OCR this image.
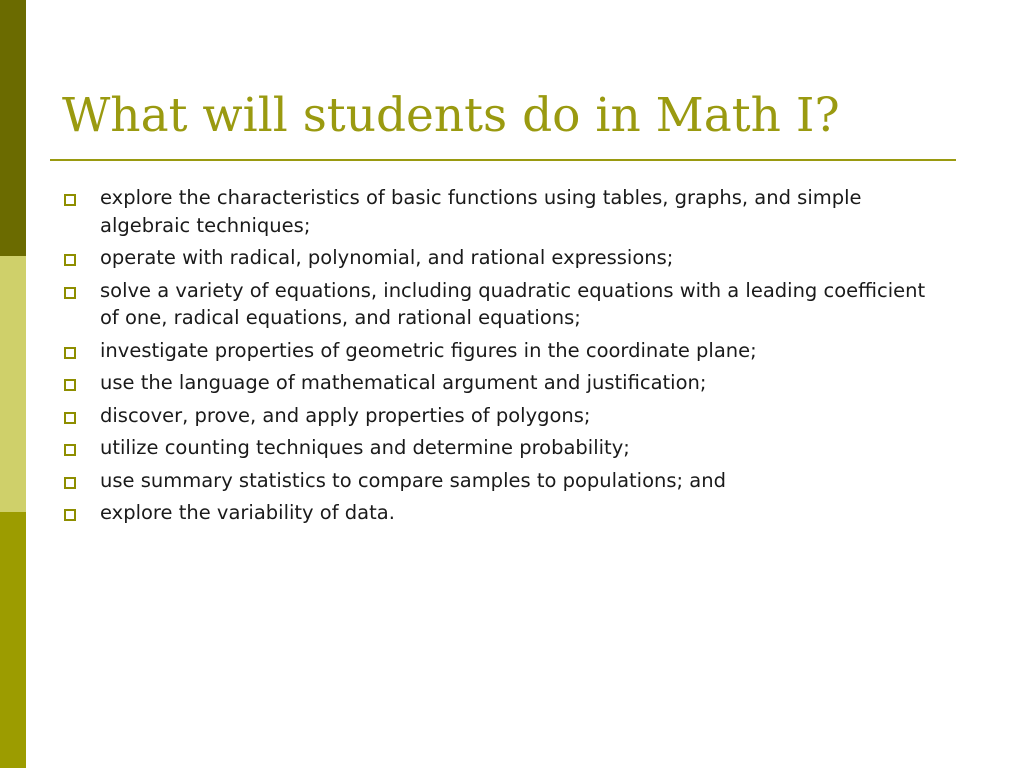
What will students do in Math I?
explore the characteristics of basic functions using tables, graphs, and simple algebraic techniques;
operate with radical, polynomial, and rational expressions;
solve a variety of equations, including quadratic equations with a leading coefficient of one, radical equations, and rational equations;
investigate properties of geometric figures in the coordinate plane;
use the language of mathematical argument and justification;
discover, prove, and apply properties of polygons;
utilize counting techniques and determine probability;
use summary statistics to compare samples to populations; and
explore the variability of data.
